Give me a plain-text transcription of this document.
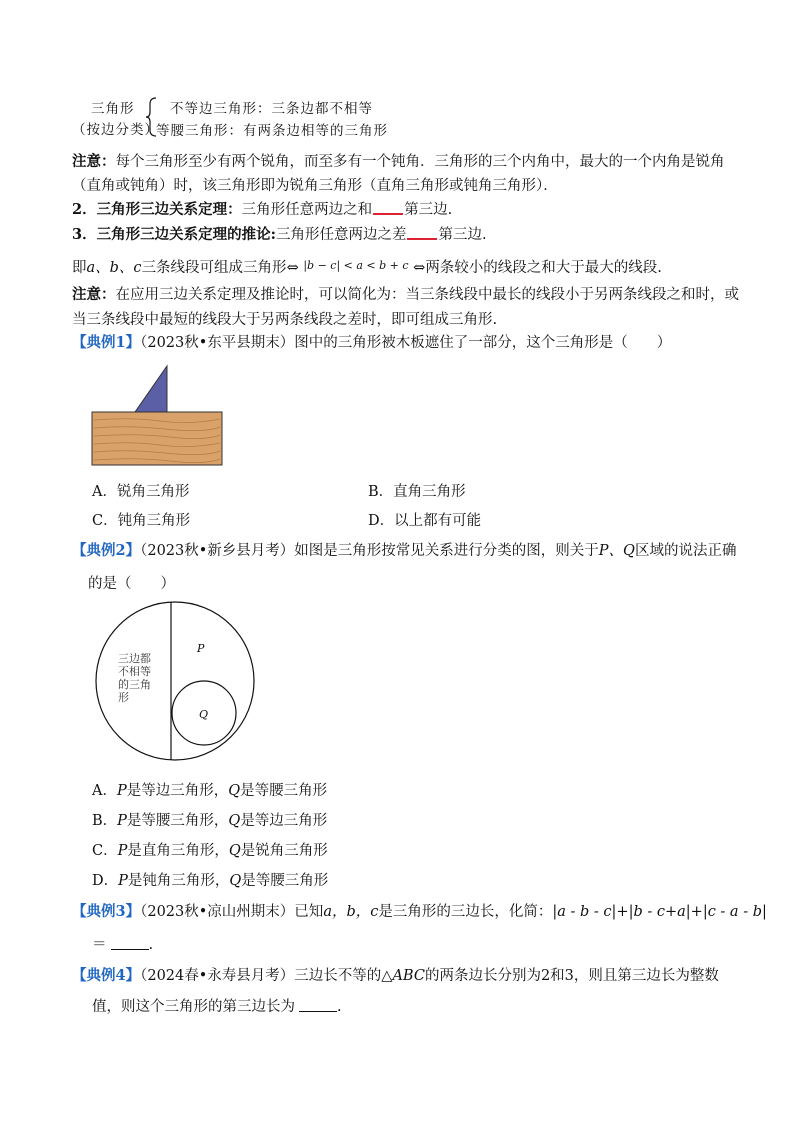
三角形
（按边分类）
不等边三角形：三条边都不相等
等腰三角形：有两条边相等的三角形
注意：每个三角形至少有两个锐角，而至多有一个钝角．三角形的三个内角中，最大的一个内角是锐角
（直角或钝角）时，该三角形即为锐角三角形（直角三角形或钝角三角形）．
2．三角形三边关系定理：三角形任意两边之和 第三边.
3．三角形三边关系定理的推论:三角形任意两边之差 第三边.
即a、b、c三条线段可组成三角形⇔ |b − c| < a < b + c ⇔两条较小的线段之和大于最大的线段.
注意：在应用三边关系定理及推论时，可以简化为：当三条线段中最长的线段小于另两条线段之和时，或
当三条线段中最短的线段大于另两条线段之差时，即可组成三角形.
【典例1】（2023秋•东平县期末）图中的三角形被木板遮住了一部分，这个三角形是（　　）
A．锐角三角形	B．直角三角形
C．钝角三角形	D．以上都有可能
【典例2】（2023秋•新乡县月考）如图是三角形按常见关系进行分类的图，则关于P、Q区域的说法正确
的是（　　）
三边都
不相等
的三角
形
P
Q
A．P是等边三角形，Q是等腰三角形
B．P是等腰三角形，Q是等边三角形
C．P是直角三角形，Q是锐角三角形
D．P是钝角三角形，Q是等腰三角形
【典例3】（2023秋•凉山州期末）已知a，b，c是三角形的三边长，化简：|a - b - c|+|b - c+a|+|c - a - b|
＝	.
【典例4】（2024春•永寿县月考）三边长不等的△ABC的两条边长分别为2和3，则且第三边长为整数
值，则这个三角形的第三边长为	.
